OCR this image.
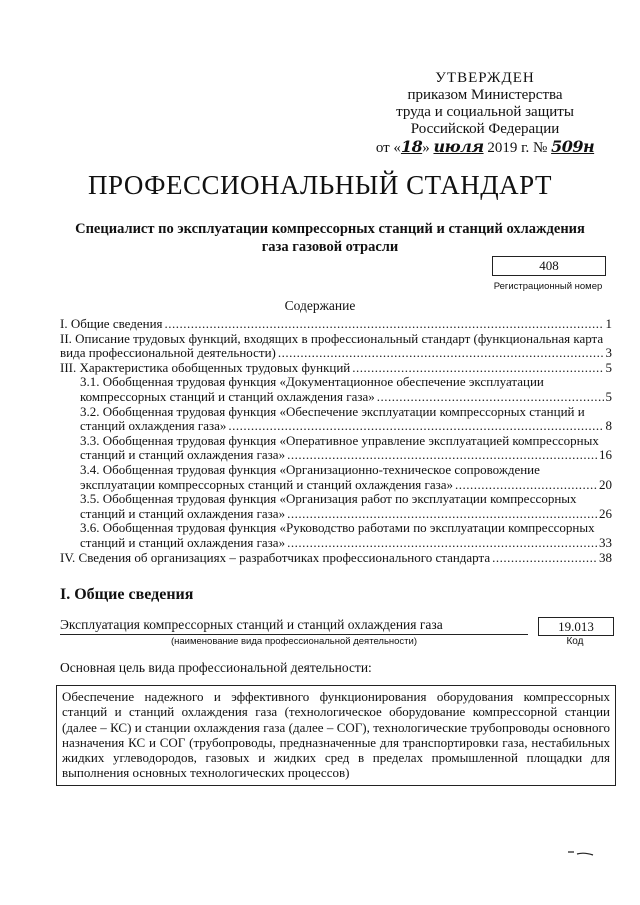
УТВЕРЖДЕН
приказом Министерства
труда и социальной защиты
Российской Федерации
от «18» июля 2019 г. № 509н
ПРОФЕССИОНАЛЬНЫЙ СТАНДАРТ
Специалист по эксплуатации компрессорных станций и станций охлаждения
газа газовой отрасли
408
Регистрационный номер
Содержание
I. Общие сведения .....	1
II. Описание трудовых функций, входящих в профессиональный стандарт (функциональная карта
вида профессиональной деятельности) .....	3
III. Характеристика обобщенных трудовых функций .....	5
3.1. Обобщенная трудовая функция «Документационное обеспечение эксплуатации
компрессорных станций и станций охлаждения газа» .....	5
3.2. Обобщенная трудовая функция «Обеспечение эксплуатации компрессорных станций и
станций охлаждения газа» .....	8
3.3. Обобщенная трудовая функция «Оперативное управление эксплуатацией компрессорных
станций и станций охлаждения газа» .....	16
3.4. Обобщенная трудовая функция «Организационно-техническое сопровождение
эксплуатации компрессорных станций и станций охлаждения газа» .....	20
3.5. Обобщенная трудовая функция «Организация работ по эксплуатации компрессорных
станций и станций охлаждения газа» .....	26
3.6. Обобщенная трудовая функция «Руководство работами по эксплуатации компрессорных
станций и станций охлаждения газа» .....	33
IV. Сведения об организациях – разработчиках профессионального стандарта .....	38
I. Общие сведения
Эксплуатация компрессорных станций и станций охлаждения газа
(наименование вида профессиональной деятельности)
19.013
Код
Основная цель вида профессиональной деятельности:
Обеспечение надежного и эффективного функционирования оборудования компрессорных станций и станций охлаждения газа (технологическое оборудование компрессорной станции (далее – КС) и станции охлаждения газа (далее – СОГ), технологические трубопроводы основного назначения КС и СОГ (трубопроводы, предназначенные для транспортировки газа, нестабильных жидких углеводородов, газовых и жидких сред в пределах промышленной площадки для выполнения основных технологических процессов)
